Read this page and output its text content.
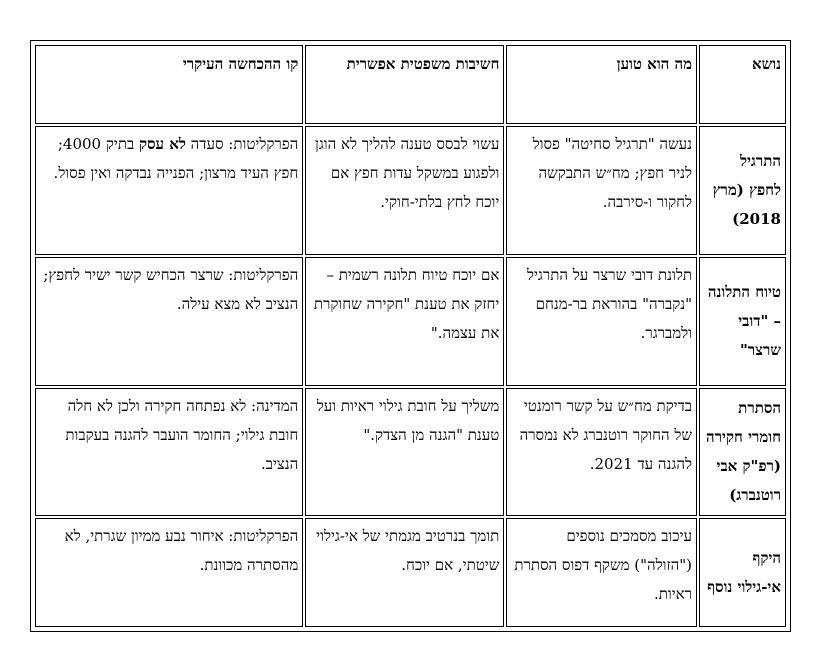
נושא	מה הוא טוען	חשיבות משפטית אפשרית	קו ההכחשה העיקרי
התרגיל לחפץ (מרץ 2018)	נעשה "תרגיל סחיטה" פסול לניר חפץ; מח״ש התבקשה לחקור ו-סירבה.	עשוי לבסס טענה להליך לא הוגן ולפגוע במשקל עדות חפץ אם יוכח לחץ בלתי-חוקי.	הפרקליטות: סעדה לא עסק בתיק 4000; חפץ העיד מרצון; הפנייה נבדקה ואין פסול.
טיוח התלונה – "דובי שרצר"	תלונת דובי שרצר על התרגיל "נקברה" בהוראת בר-מנחם ולמברגר.	אם יוכח טיוח תלונה רשמית – יחזק את טענת "חקירה שחוקרת את עצמה."	הפרקליטות: שרצר הכחיש קשר ישיר לחפץ; הנציב לא מצא עילה.
הסתרת חומרי חקירה (רפ"ק אבי רוטנברג)	בדיקת מח״ש על קשר רומנטי של החוקר רוטנברג לא נמסרה להגנה עד 2021.	משליך על חובת גילוי ראיות ועל טענת "הגנה מן הצדק."	המדינה: לא נפתחה חקירה ולכן לא חלה חובת גילוי; החומר הועבר להגנה בעקבות הנציב.
היקף אי-גילוי נוסף	עיכוב מסמכים נוספים ("הזולה") משקף דפוס הסתרת ראיות.	תומך בנרטיב מגמתי של אי-גילוי שיטתי, אם יוכח.	הפרקליטות: איחור נבע ממיון שגרתי, לא מהסתרה מכוונת.
